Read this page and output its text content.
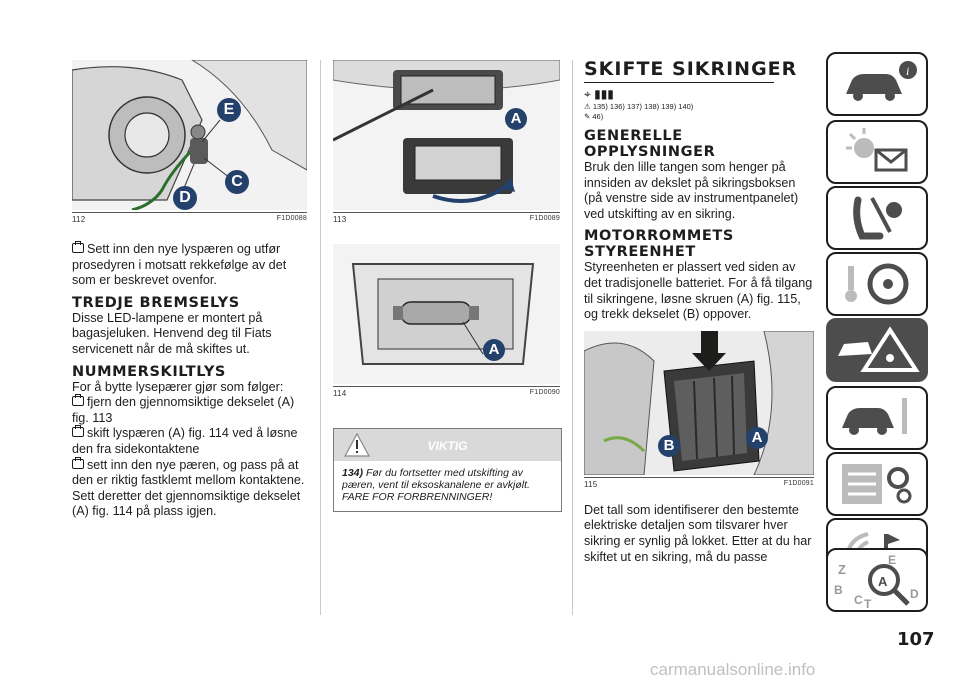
E
C
D
112	F1D0088

Sett inn den nye lyspæren og utfør prosedyren i motsatt rekkefølge av det som er beskrevet ovenfor.

TREDJE BREMSELYS

Disse LED-lampene er montert på bagasjeluken. Henvend deg til Fiats servicenett når de må skiftes ut.

NUMMERSKILTLYS

For å bytte lysepærer gjør som følger:

fjern den gjennomsiktige dekselet (A) fig. 113

skift lyspæren (A) fig. 114 ved å løsne den fra sidekontaktene

sett inn den nye pæren, og pass på at den er riktig fastklemt mellom kontaktene. Sett deretter det gjennomsiktige dekselet (A) fig. 114 på plass igjen.

A
113	F1D0089
A
114	F1D0090
VIKTIG
134) Før du fortsetter med utskifting av pæren, vent til eksoskanalene er avkjølt. FARE FOR FORBRENNINGER!
SKIFTE SIKRINGER
⌖ ▮▮▮
⚠ 135) 136) 137) 138) 139) 140)
✎ 46)
GENERELLE OPPLYSNINGER

Bruk den lille tangen som henger på innsiden av dekslet på sikringsboksen (på venstre side av instrumentpanelet) ved utskifting av en sikring.

MOTORROMMETS STYREENHET

Styreenheten er plassert ved siden av det tradisjonelle batteriet. For å få tilgang til sikringene, løsne skruen (A) fig. 115, og trekk dekselet (B) oppover.

B	A
115	F1D0091

Det tall som identifiserer den bestemte elektriske detaljen som tilsvarer hver sikring er synlig på lokket. Etter at du har skiftet ut en sikring, må du passe

i
Z
E
B
A
C T
D
107
carmanualsonline.info
